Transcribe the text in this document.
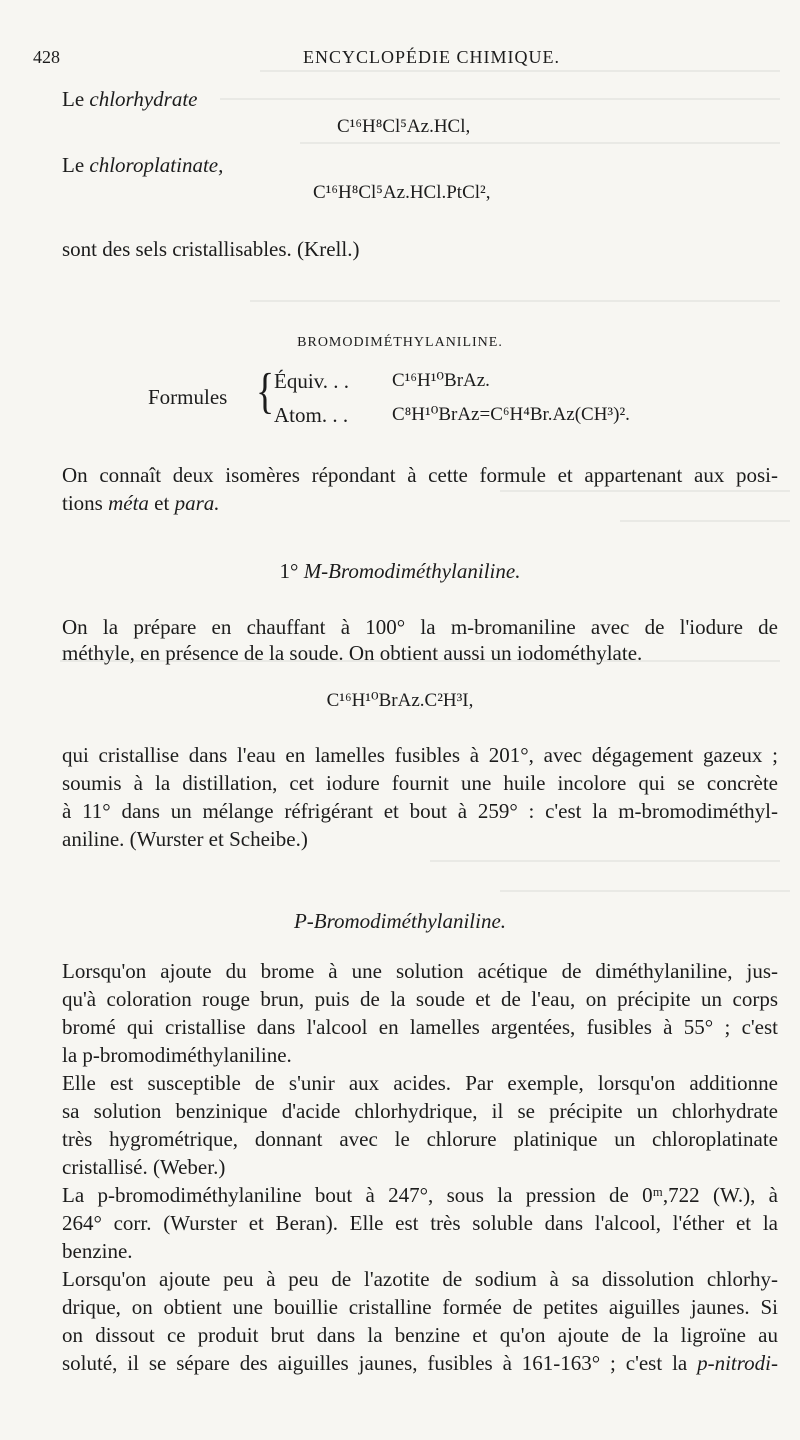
428	ENCYCLOPÉDIE CHIMIQUE.
Le chlorhydrate
C¹⁶H⁸Cl⁵Az.HCl,
Le chloroplatinate,
C¹⁶H⁸Cl⁵Az.HCl.PtCl²,
sont des sels cristallisables. (Krell.)
BROMODIMÉTHYLANILINE.
Formules { Équiv. . . C¹⁶H¹⁰BrAz.
Atom. . . C⁸H¹⁰BrAz=C⁶H⁴Br.Az(CH³)².
On connaît deux isomères répondant à cette formule et appartenant aux posi-
tions méta et para.
1° M-Bromodiméthylaniline.
On la prépare en chauffant à 100° la m-bromaniline avec de l'iodure de
méthyle, en présence de la soude. On obtient aussi un iodométhylate.
C¹⁶H¹⁰BrAz.C²H³I,
qui cristallise dans l'eau en lamelles fusibles à 201°, avec dégagement gazeux ;
soumis à la distillation, cet iodure fournit une huile incolore qui se concrète
à 11° dans un mélange réfrigérant et bout à 259° : c'est la m-bromodiméthyl-
aniline. (Wurster et Scheibe.)
P-Bromodiméthylaniline.
Lorsqu'on ajoute du brome à une solution acétique de diméthylaniline, jus-
qu'à coloration rouge brun, puis de la soude et de l'eau, on précipite un corps
bromé qui cristallise dans l'alcool en lamelles argentées, fusibles à 55° ; c'est
la p-bromodiméthylaniline.
Elle est susceptible de s'unir aux acides. Par exemple, lorsqu'on additionne
sa solution benzinique d'acide chlorhydrique, il se précipite un chlorhydrate
très hygrométrique, donnant avec le chlorure platinique un chloroplatinate
cristallisé. (Weber.)
La p-bromodiméthylaniline bout à 247°, sous la pression de 0ᵐ,722 (W.), à
264° corr. (Wurster et Beran). Elle est très soluble dans l'alcool, l'éther et la
benzine.
Lorsqu'on ajoute peu à peu de l'azotite de sodium à sa dissolution chlorhy-
drique, on obtient une bouillie cristalline formée de petites aiguilles jaunes. Si
on dissout ce produit brut dans la benzine et qu'on ajoute de la ligroïne au
soluté, il se sépare des aiguilles jaunes, fusibles à 161-163° ; c'est la p-nitrodi-
